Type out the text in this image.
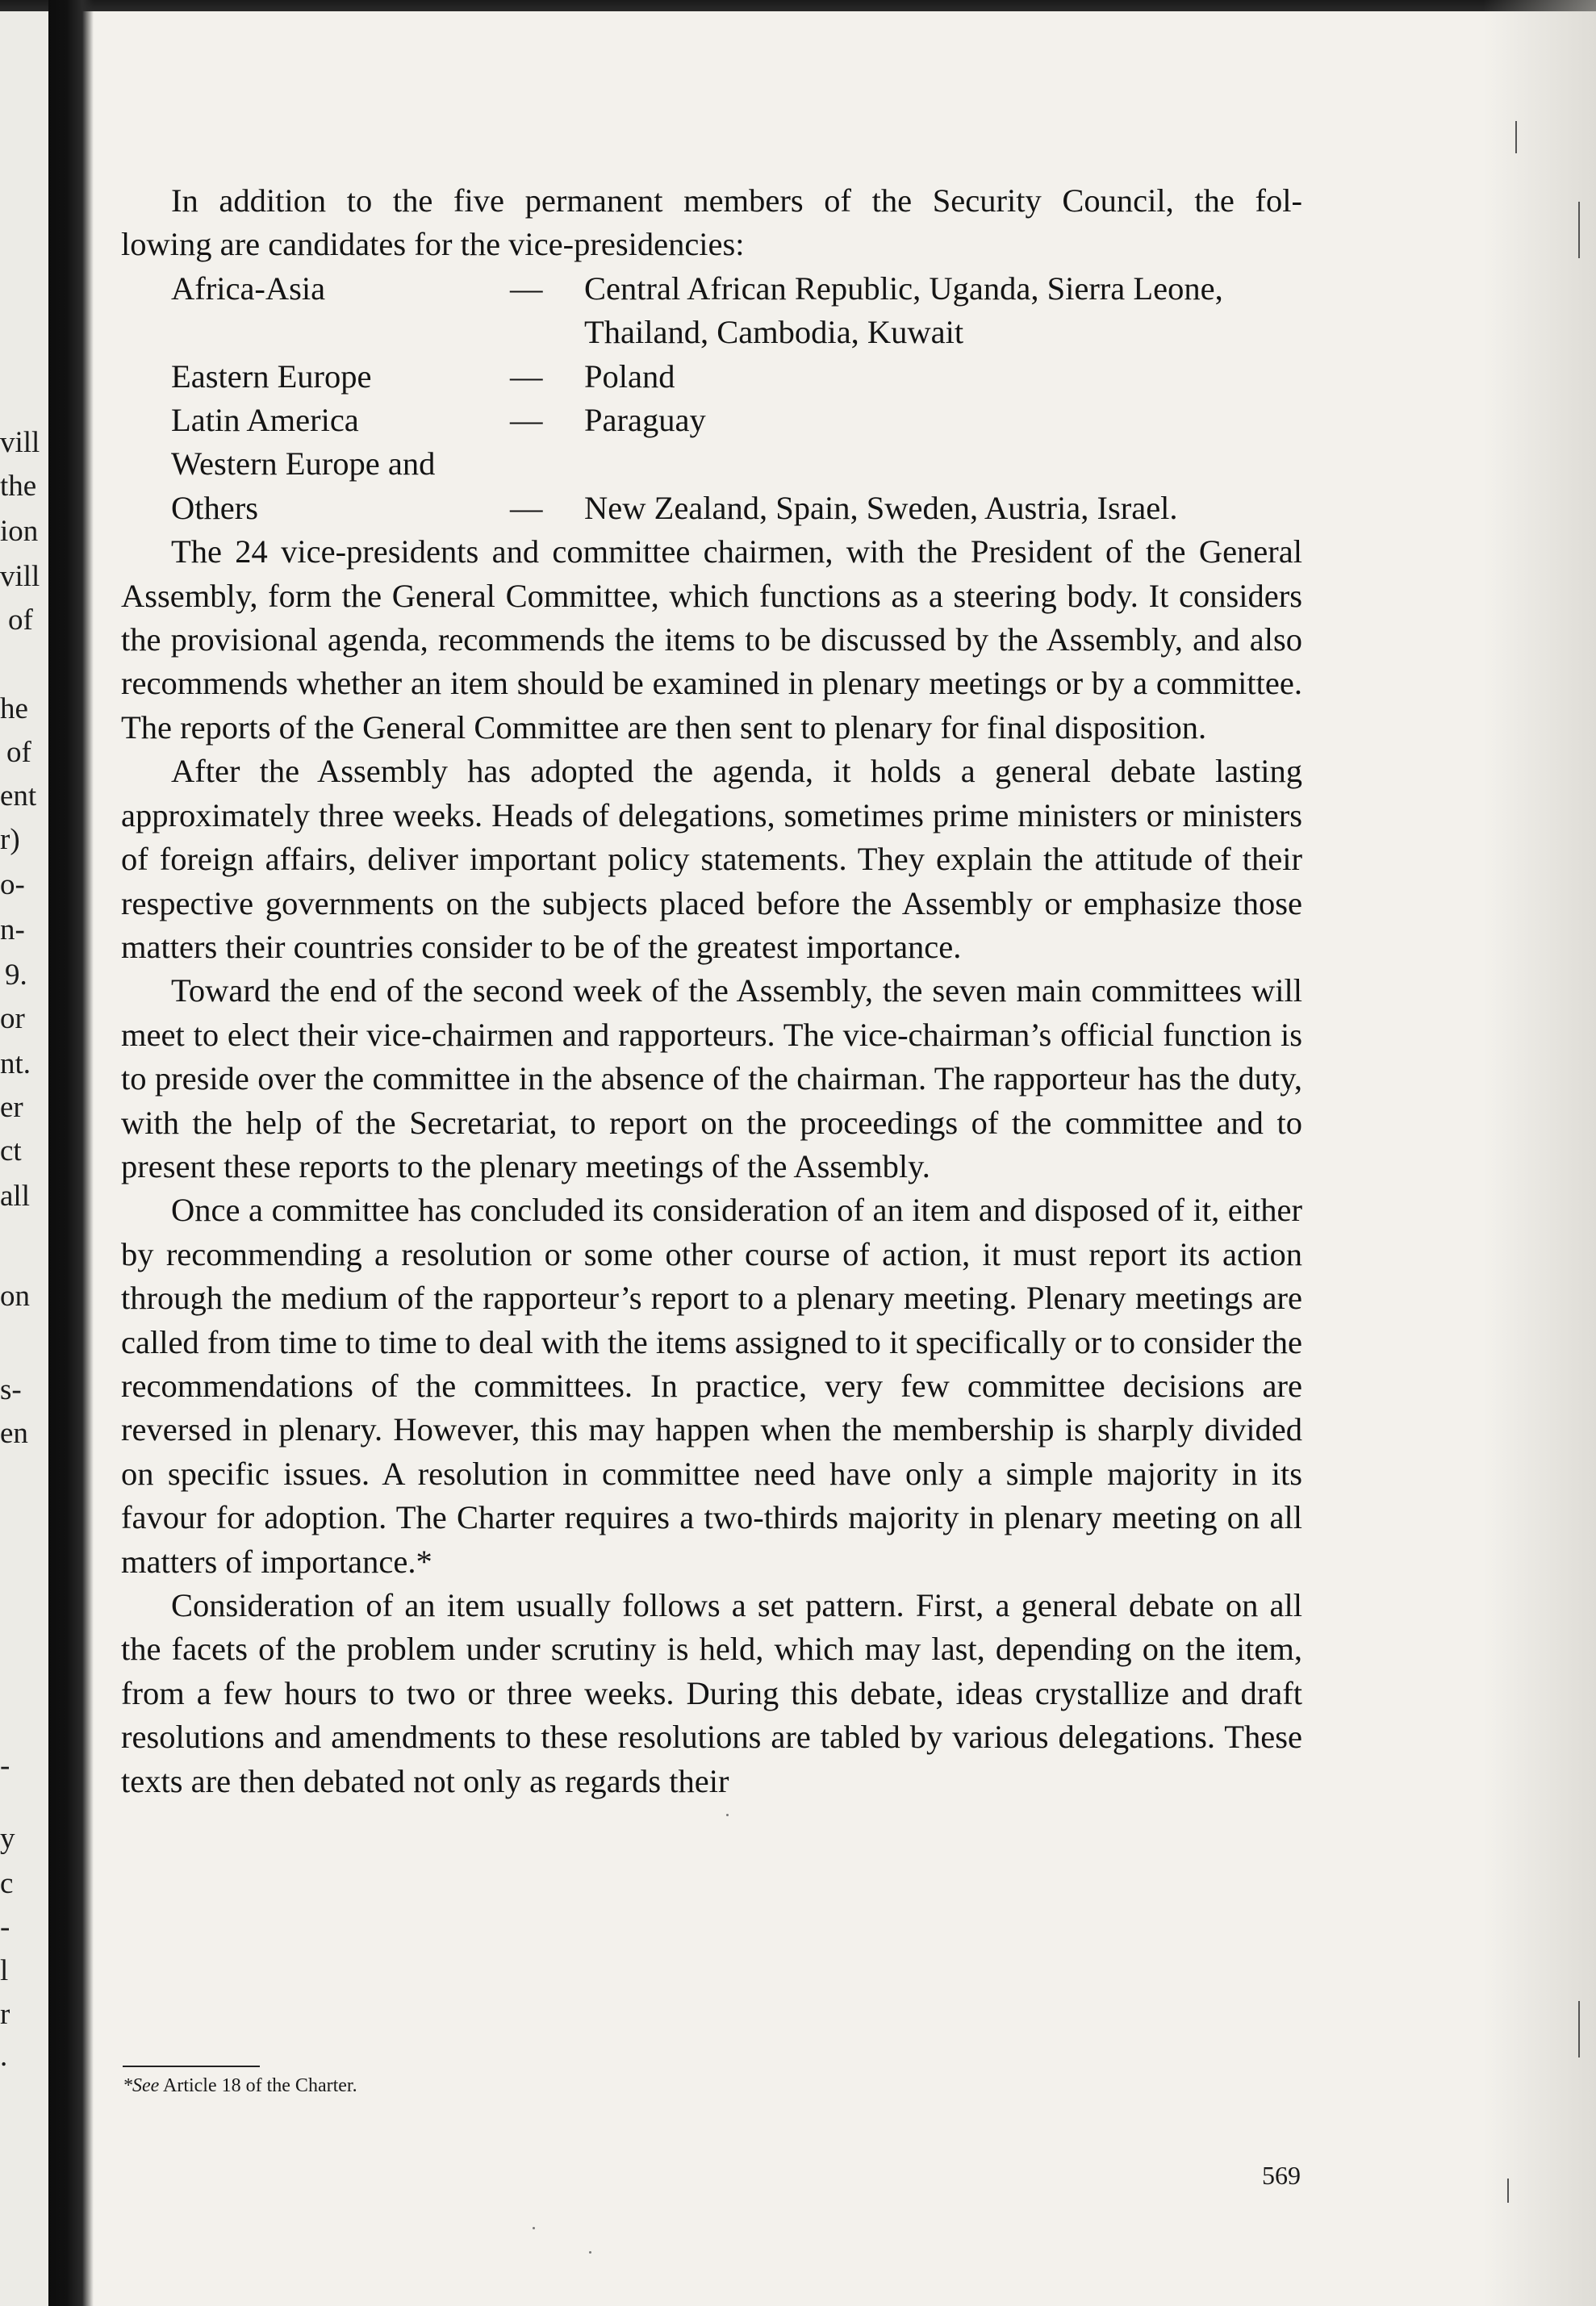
vill
the
ion
vill
of
he
of
ent
r)
o-
n-
9.
or
nt.
er
ct
all
on
s-
en
-
y
c
-
l
r
.

In addition to the five permanent members of the Security Council, the fol-

lowing are candidates for the vice-presidencies:

Africa-Asia	—	Central African Republic, Uganda, Sierra Leone,
		Thailand, Cambodia, Kuwait
Eastern Europe	—	Poland
Latin America	—	Paraguay
Western Europe and		
Others	—	New Zealand, Spain, Sweden, Austria, Israel.

The 24 vice-presidents and committee chairmen, with the President of the General Assembly, form the General Committee, which functions as a steering body. It considers the provisional agenda, recommends the items to be discussed by the Assembly, and also recommends whether an item should be examined in plenary meetings or by a committee. The reports of the General Committee are then sent to plenary for final disposition.

After the Assembly has adopted the agenda, it holds a general debate lasting approximately three weeks. Heads of delegations, sometimes prime ministers or ministers of foreign affairs, deliver important policy statements. They explain the attitude of their respective governments on the subjects placed before the Assembly or emphasize those matters their countries consider to be of the greatest importance.

Toward the end of the second week of the Assembly, the seven main committees will meet to elect their vice-chairmen and rapporteurs. The vice-chairman’s official function is to preside over the committee in the absence of the chairman. The rapporteur has the duty, with the help of the Secretariat, to report on the proceedings of the committee and to present these reports to the plenary meetings of the Assembly.

Once a committee has concluded its consideration of an item and disposed of it, either by recommending a resolution or some other course of action, it must report its action through the medium of the rapporteur’s report to a plenary meeting. Plenary meetings are called from time to time to deal with the items assigned to it specifically or to consider the recommendations of the committees. In practice, very few committee decisions are reversed in plenary. However, this may happen when the membership is sharply divided on specific issues. A resolution in committee need have only a simple majority in its favour for adoption. The Charter requires a two-thirds majority in plenary meeting on all matters of importance.*

Consideration of an item usually follows a set pattern. First, a general debate on all the facets of the problem under scrutiny is held, which may last, depending on the item, from a few hours to two or three weeks. During this debate, ideas crystallize and draft resolutions and amendments to these resolutions are tabled by various delegations. These texts are then debated not only as regards their

*See Article 18 of the Charter.
569
